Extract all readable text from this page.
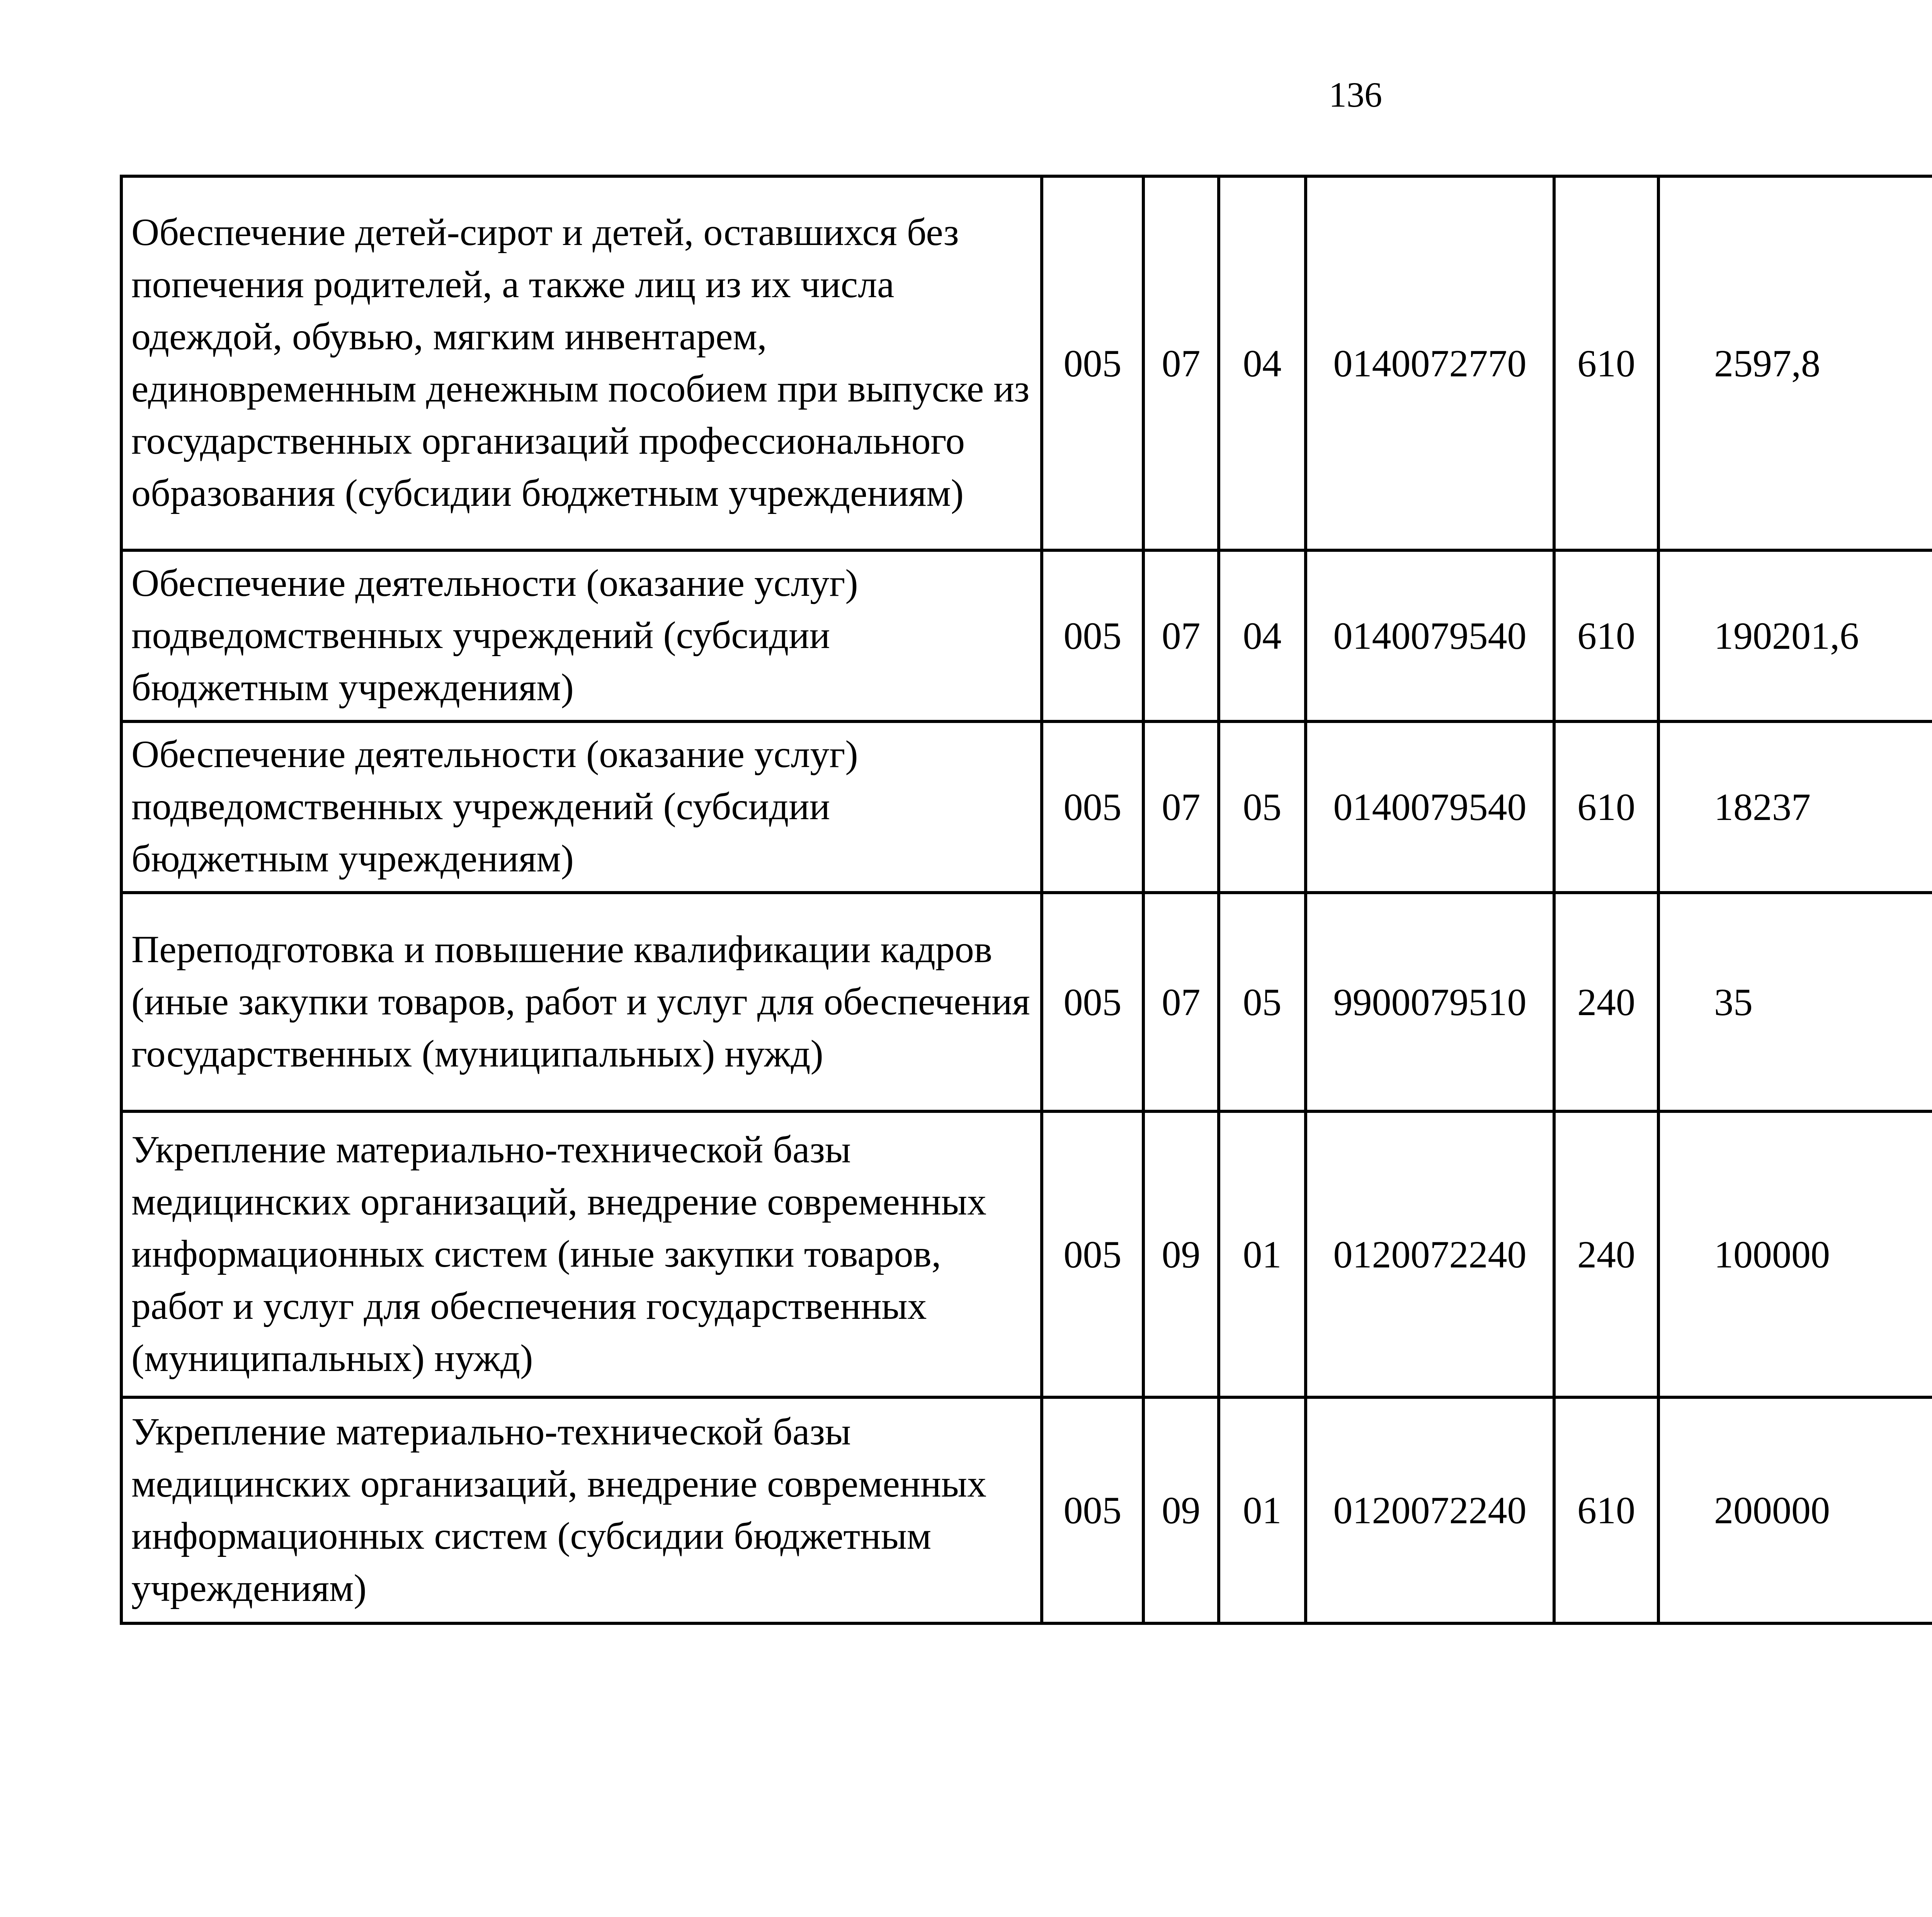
136
Обеспечение детей-сирот и детей, оставшихся без попечения родителей, а также лиц из их числа одеждой, обувью, мягким инвентарем, единовременным денежным пособием при выпуске из государственных организаций профессионального образования (субсидии бюджетным учреждениям)	005	07	04	0140072770	610	2597,8		
Обеспечение деятельности (оказание услуг) подведомственных учреждений (субсидии бюджетным учреждениям)	005	07	04	0140079540	610	190201,6		
Обеспечение деятельности (оказание услуг) подведомственных учреждений (субсидии бюджетным учреждениям)	005	07	05	0140079540	610	18237		
Переподготовка и повышение квалификации кадров (иные закупки товаров, работ и услуг для обеспечения государственных (муниципальных) нужд)	005	07	05	9900079510	240	35		
Укрепление материально-технической базы медицинских организаций, внедрение современных информационных систем (иные закупки товаров, работ и услуг для обеспечения государственных (муниципальных) нужд)	005	09	01	0120072240	240	100000		
Укрепление материально-технической базы медицинских организаций, внедрение современных информационных систем (субсидии бюджетным учреждениям)	005	09	01	0120072240	610	200000		
